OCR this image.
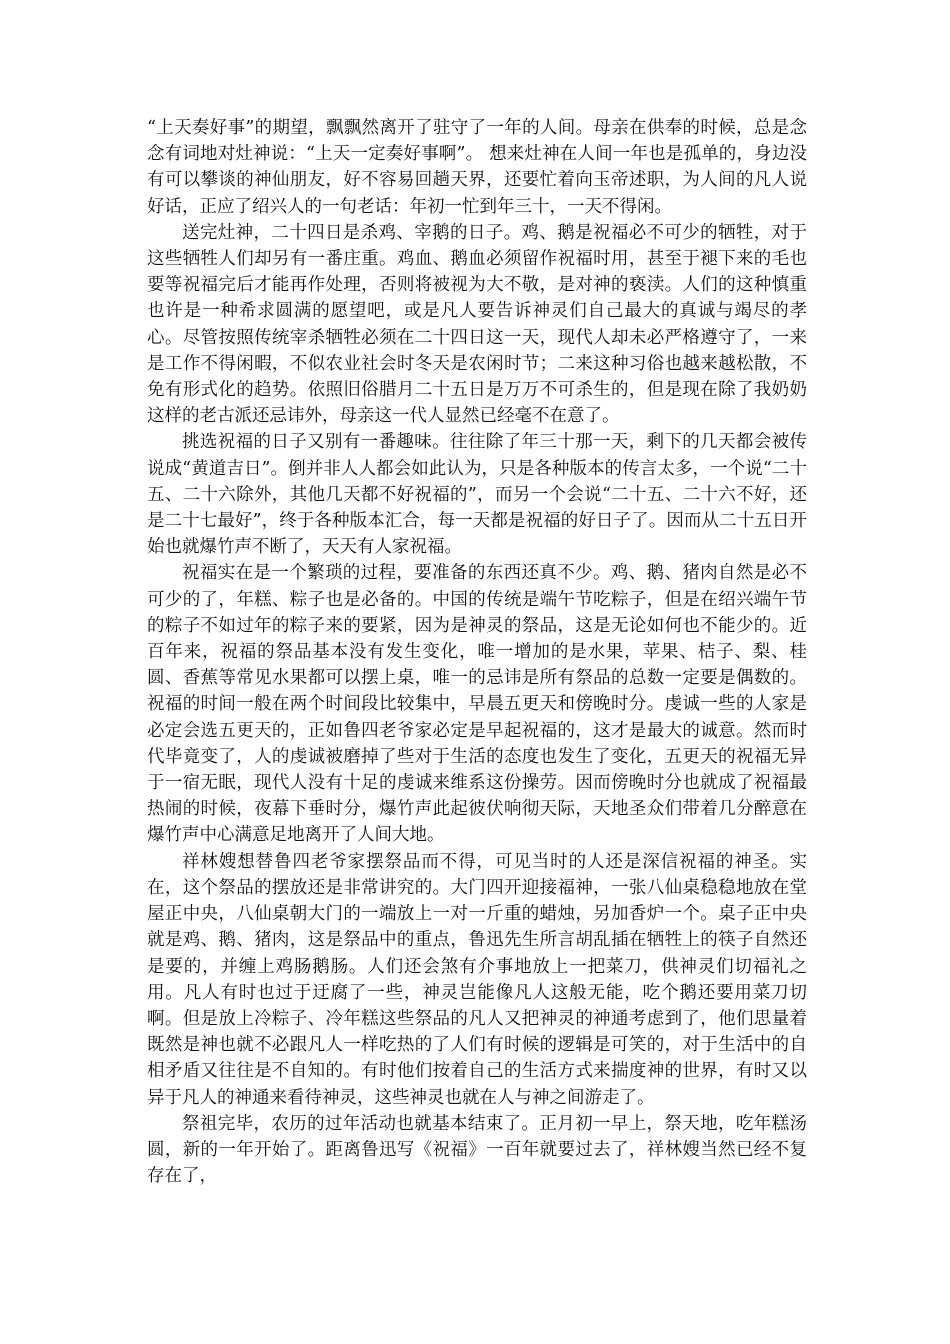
“上天奏好事”的期望，飘飘然离开了驻守了一年的人间。母亲在供奉的时候，总是念念有词地对灶神说：“上天一定奏好事啊”。 想来灶神在人间一年也是孤单的，身边没有可以攀谈的神仙朋友，好不容易回趟天界，还要忙着向玉帝述职，为人间的凡人说好话，正应了绍兴人的一句老话：年初一忙到年三十，一天不得闲。

送完灶神，二十四日是杀鸡、宰鹅的日子。鸡、鹅是祝福必不可少的牺牲，对于这些牺牲人们却另有一番庄重。鸡血、鹅血必须留作祝福时用，甚至于褪下来的毛也要等祝福完后才能再作处理，否则将被视为大不敬，是对神的亵渎。人们的这种慎重也许是一种希求圆满的愿望吧，或是凡人要告诉神灵们自己最大的真诚与竭尽的孝心。尽管按照传统宰杀牺牲必须在二十四日这一天，现代人却未必严格遵守了，一来是工作不得闲暇，不似农业社会时冬天是农闲时节；二来这种习俗也越来越松散，不免有形式化的趋势。依照旧俗腊月二十五日是万万不可杀生的，但是现在除了我奶奶这样的老古派还忌讳外，母亲这一代人显然已经毫不在意了。

挑选祝福的日子又别有一番趣味。往往除了年三十那一天，剩下的几天都会被传说成“黄道吉日”。倒并非人人都会如此认为，只是各种版本的传言太多，一个说“二十五、二十六除外，其他几天都不好祝福的”，而另一个会说“二十五、二十六不好，还是二十七最好”，终于各种版本汇合，每一天都是祝福的好日子了。因而从二十五日开始也就爆竹声不断了，天天有人家祝福。

祝福实在是一个繁琐的过程，要准备的东西还真不少。鸡、鹅、猪肉自然是必不可少的了，年糕、粽子也是必备的。中国的传统是端午节吃粽子，但是在绍兴端午节的粽子不如过年的粽子来的要紧，因为是神灵的祭品，这是无论如何也不能少的。近百年来，祝福的祭品基本没有发生变化，唯一增加的是水果，苹果、桔子、梨、桂圆、香蕉等常见水果都可以摆上桌，唯一的忌讳是所有祭品的总数一定要是偶数的。祝福的时间一般在两个时间段比较集中，早晨五更天和傍晚时分。虔诚一些的人家是必定会选五更天的，正如鲁四老爷家必定是早起祝福的，这才是最大的诚意。然而时代毕竟变了，人的虔诚被磨掉了些对于生活的态度也发生了变化，五更天的祝福无异于一宿无眠，现代人没有十足的虔诚来维系这份操劳。因而傍晚时分也就成了祝福最热闹的时候，夜幕下垂时分，爆竹声此起彼伏响彻天际，天地圣众们带着几分醉意在爆竹声中心满意足地离开了人间大地。

祥林嫂想替鲁四老爷家摆祭品而不得，可见当时的人还是深信祝福的神圣。实在，这个祭品的摆放还是非常讲究的。大门四开迎接福神，一张八仙桌稳稳地放在堂屋正中央，八仙桌朝大门的一端放上一对一斤重的蜡烛，另加香炉一个。桌子正中央就是鸡、鹅、猪肉，这是祭品中的重点，鲁迅先生所言胡乱插在牺牲上的筷子自然还是要的，并缠上鸡肠鹅肠。人们还会煞有介事地放上一把菜刀，供神灵们切福礼之用。凡人有时也过于迂腐了一些，神灵岂能像凡人这般无能，吃个鹅还要用菜刀切啊。但是放上冷粽子、冷年糕这些祭品的凡人又把神灵的神通考虑到了，他们思量着既然是神也就不必跟凡人一样吃热的了人们有时候的逻辑是可笑的，对于生活中的自相矛盾又往往是不自知的。有时他们按着自己的生活方式来揣度神的世界，有时又以异于凡人的神通来看待神灵，这些神灵也就在人与神之间游走了。

祭祖完毕，农历的过年活动也就基本结束了。正月初一早上，祭天地，吃年糕汤圆，新的一年开始了。距离鲁迅写《祝福》一百年就要过去了，祥林嫂当然已经不复存在了，
